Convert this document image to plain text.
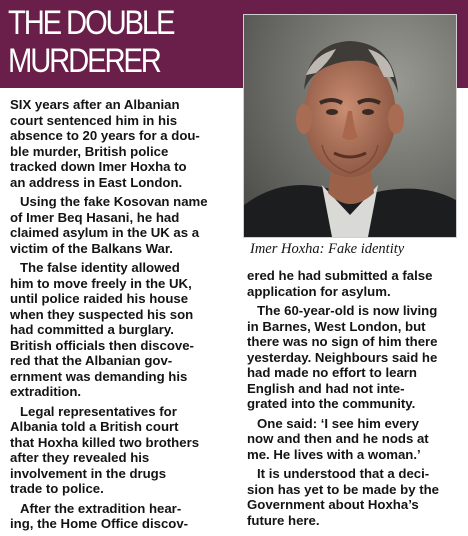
THE DOUBLE
MURDERER
Imer Hoxha: Fake identity
SIX years after an Albanian
court sentenced him in his
absence to 20 years for a dou-
ble murder, British police
tracked down Imer Hoxha to
an address in East London.
Using the fake Kosovan name
of Imer Beq Hasani, he had
claimed asylum in the UK as a
victim of the Balkans War.
The false identity allowed
him to move freely in the UK,
until police raided his house
when they suspected his son
had committed a burglary.
British officials then discove-
red that the Albanian gov-
ernment was demanding his
extradition.
Legal representatives for
Albania told a British court
that Hoxha killed two brothers
after they revealed his
involvement in the drugs
trade to police.
After the extradition hear-
ing, the Home Office discov-
ered he had submitted a false
application for asylum.
The 60-year-old is now living
in Barnes, West London, but
there was no sign of him there
yesterday. Neighbours said he
had made no effort to learn
English and had not inte-
grated into the community.
One said: ‘I see him every
now and then and he nods at
me. He lives with a woman.’
It is understood that a deci-
sion has yet to be made by the
Government about Hoxha’s
future here.
